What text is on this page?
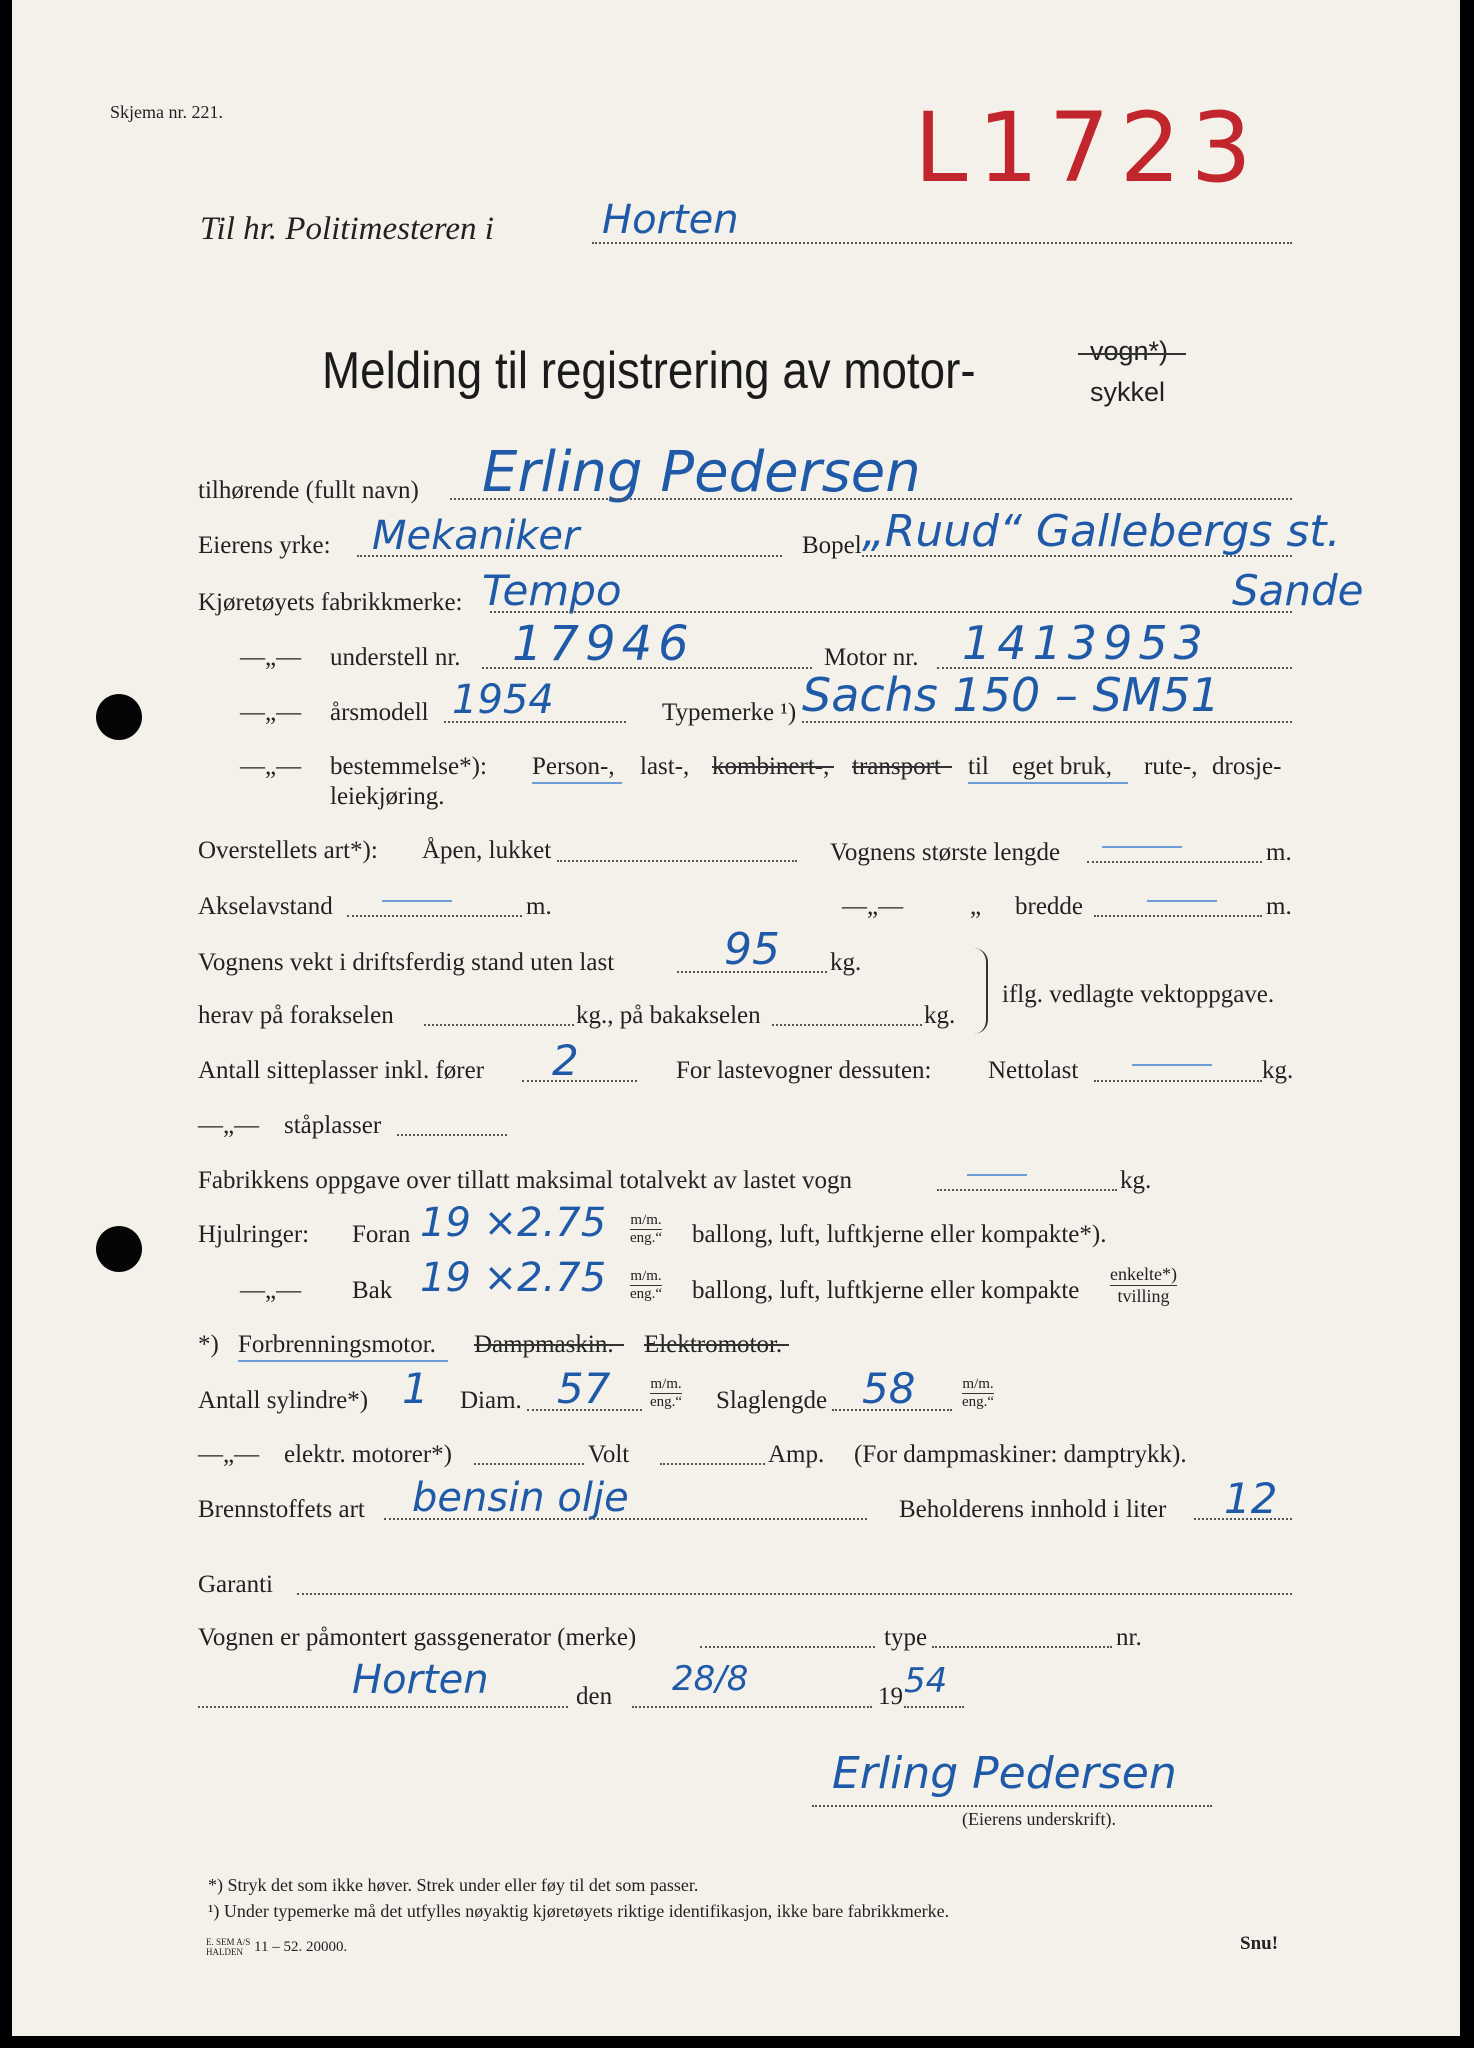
Skjema nr. 221.	L1723
Til hr. Politimesteren i	Horten
Melding til registrering av motor-	vogn*)
sykkel
tilhørende (fullt navn) Erling Pedersen
Eierens yrke: Mekaniker	Bopel „Ruud“ Gallebergs st.
Kjøretøyets fabrikkmerke: Tempo	Sande
—„— understell nr. 17946	Motor nr. 1413953
—„— årsmodell 1954	Typemerke ¹) Sachs 150 – SM51
—„— bestemmelse*): Person-, last-, kombinert-, transport til eget bruk, rute-, drosje-
leiekjøring.
Overstellets art*): Åpen, lukket	Vognens største lengde	m.
Akselavstand	m.	—„—	„ bredde	m.
Vognens vekt i driftsferdig stand uten last 95 kg.
herav på forakselen	kg., på bakakselen	kg.
iflg. vedlagte vektoppgave.
Antall sitteplasser inkl. fører 2	For lastevogner dessuten: Nettolast	kg.
—„— ståplasser
Fabrikkens oppgave over tillatt maksimal totalvekt av lastet vogn	kg.
Hjulringer: Foran 19 ×2.75 m/m.
eng.“ ballong, luft, luftkjerne eller kompakte*).
—„— Bak 19 ×2.75 m/m.
eng.“ ballong, luft, luftkjerne eller kompakte
enkelte*)
tvilling
*) Forbrenningsmotor. Dampmaskin. Elektromotor.
Antall sylindre*) 1 Diam. 57	m/m.
eng.“ Slaglengde 58	m/m.
eng.“
—„— elektr. motorer*)	Volt	Amp. (For dampmaskiner: damptrykk).
Brennstoffets art bensin olje	Beholderens innhold i liter 12
Garanti
Vognen er påmontert gassgenerator (merke)	type	nr.
Horten	den 28/8	19 54
Erling Pedersen
(Eierens underskrift).
*) Stryk det som ikke høver. Strek under eller føy til det som passer.
¹) Under typemerke må det utfylles nøyaktig kjøretøyets riktige identifikasjon, ikke bare fabrikkmerke.
E. SEM A/S
HALDEN 11 – 52. 20000.	Snu!
